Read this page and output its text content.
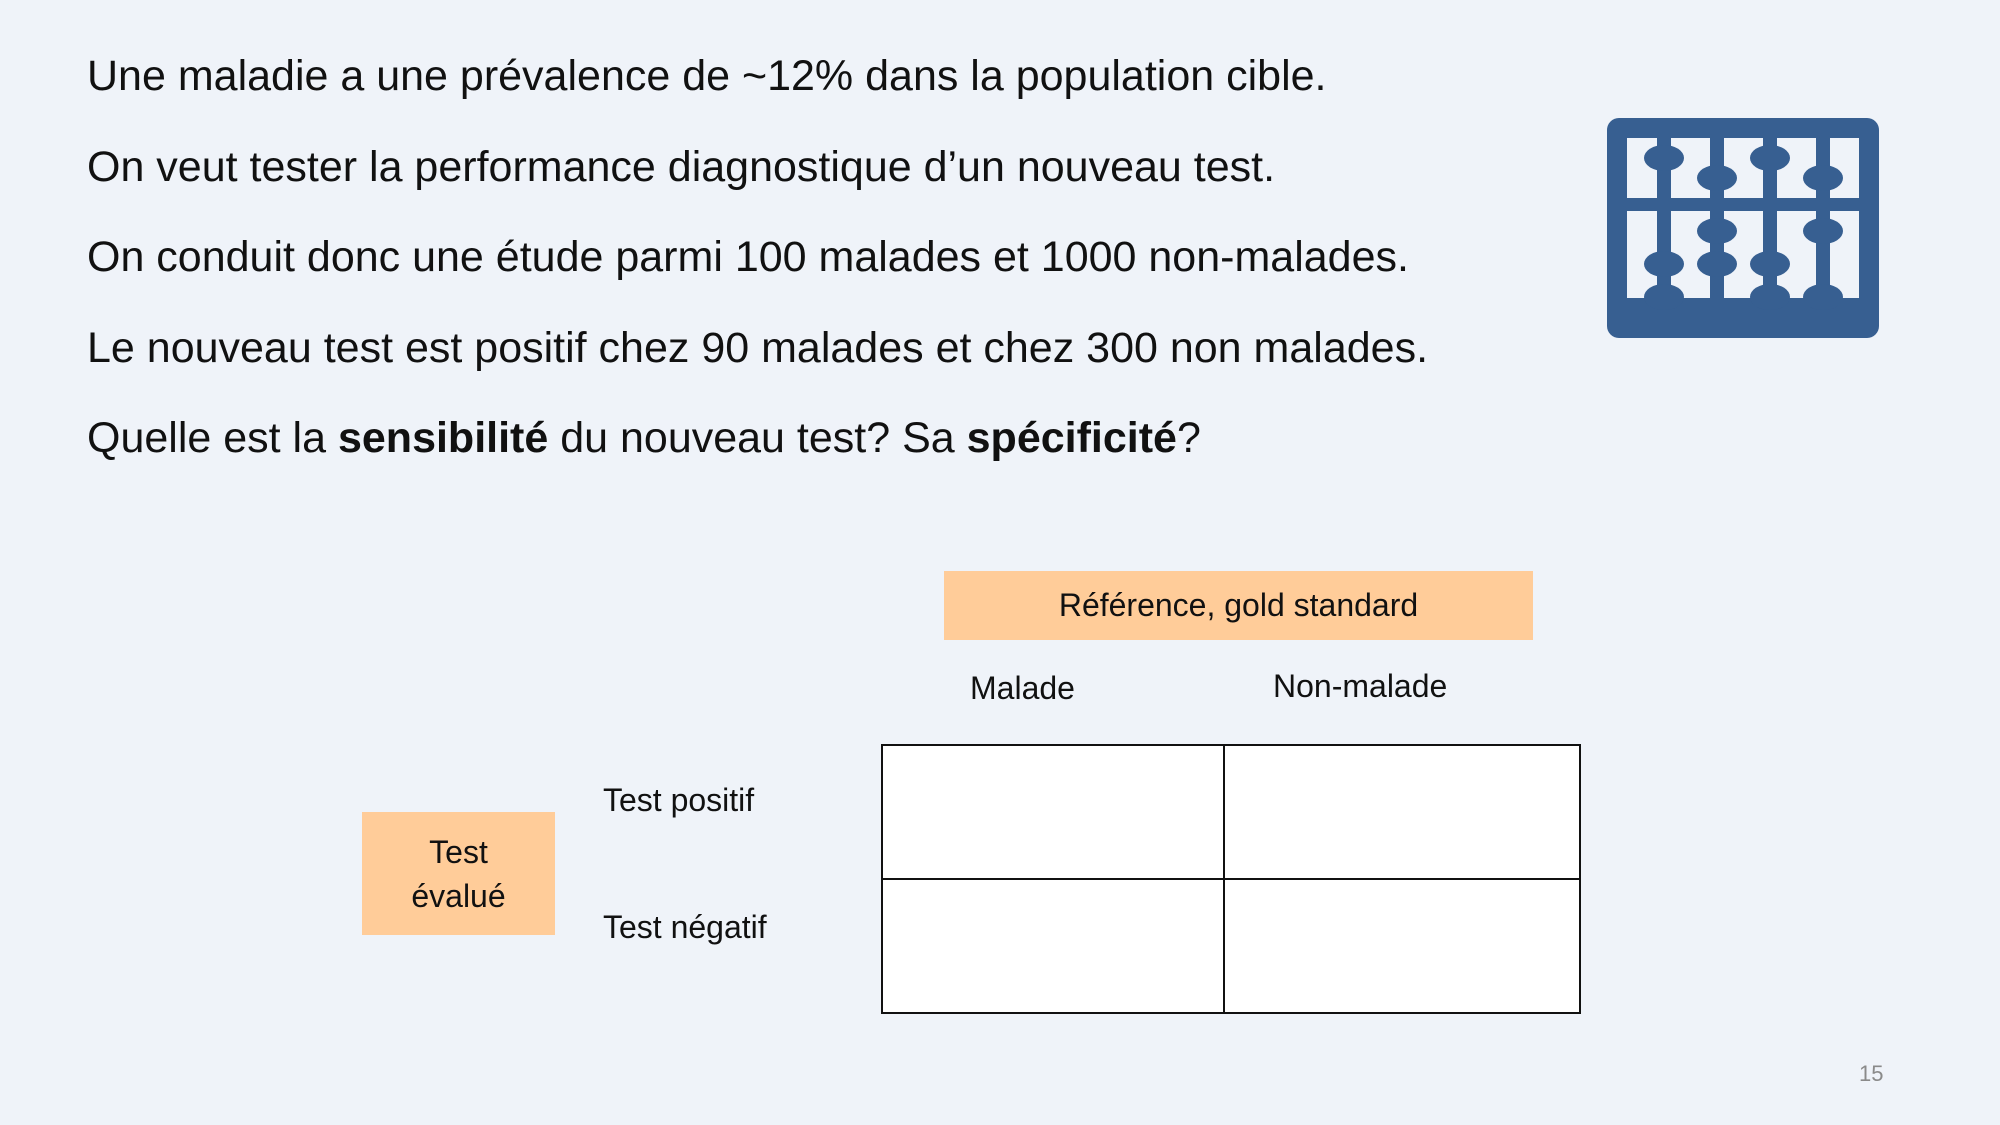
Une maladie a une prévalence de ~12% dans la population cible.
On veut tester la performance diagnostique d’un nouveau test.
On conduit donc une étude parmi 100 malades et 1000 non-malades.
Le nouveau test est positif chez 90 malades et chez 300 non malades.
Quelle est la sensibilité du nouveau test? Sa spécificité?
Référence, gold standard
Malade	Non-malade
Test
évalué
Test positif
Test négatif

15
